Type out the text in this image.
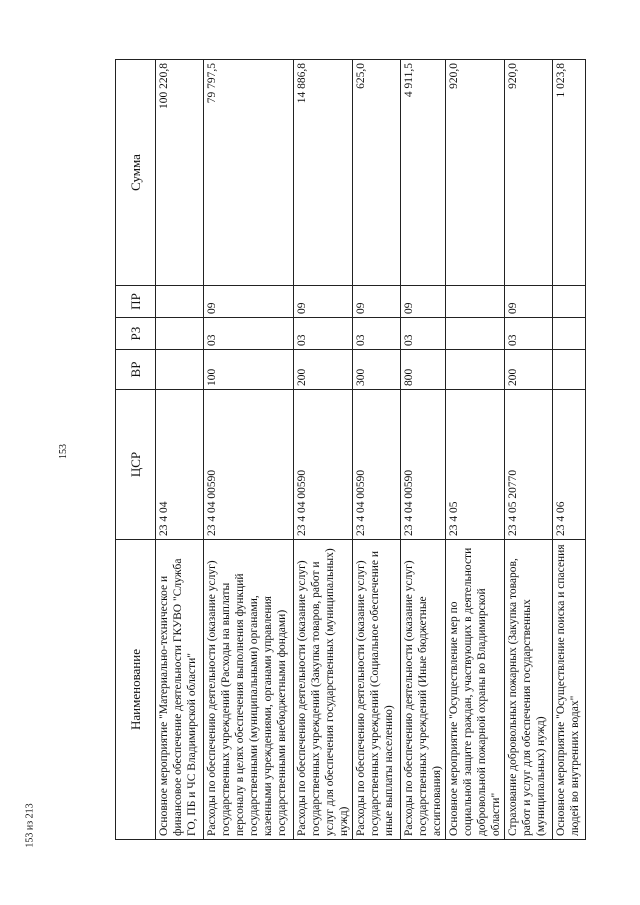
153
Наименование	ЦСР	ВР	РЗ	ПР	Сумма
Основное мероприятие "Материально-техническое и финансовое обеспечение деятельности ГКУВО "Служба ГО, ПБ и ЧС Владимирской области"	23 4 04				100 220,8
Расходы по обеспечению деятельности (оказание услуг) государственных учреждений (Расходы на выплаты персоналу в целях обеспечения выполнения функций государственными (муниципальными) органами, казенными учреждениями, органами управления государственными внебюджетными фондами)	23 4 04 00590	100	03	09	79 797,5
Расходы по обеспечению деятельности (оказание услуг) государственных учреждений (Закупка товаров, работ и услуг для обеспечения государственных (муниципальных) нужд)	23 4 04 00590	200	03	09	14 886,8
Расходы по обеспечению деятельности (оказание услуг) государственных учреждений (Социальное обеспечение и иные выплаты населению)	23 4 04 00590	300	03	09	625,0
Расходы по обеспечению деятельности (оказание услуг) государственных учреждений (Иные бюджетные ассигнования)	23 4 04 00590	800	03	09	4 911,5
Основное мероприятие "Осуществление мер по социальной защите граждан, участвующих в деятельности добровольной пожарной охраны во Владимирской области"	23 4 05				920,0
Страхование добровольных пожарных (Закупка товаров, работ и услуг для обеспечения государственных (муниципальных) нужд)	23 4 05 20770	200	03	09	920,0
Основное мероприятие "Осуществление поиска и спасения людей во внутренних водах"	23 4 06				1 023,8
153 из 213
